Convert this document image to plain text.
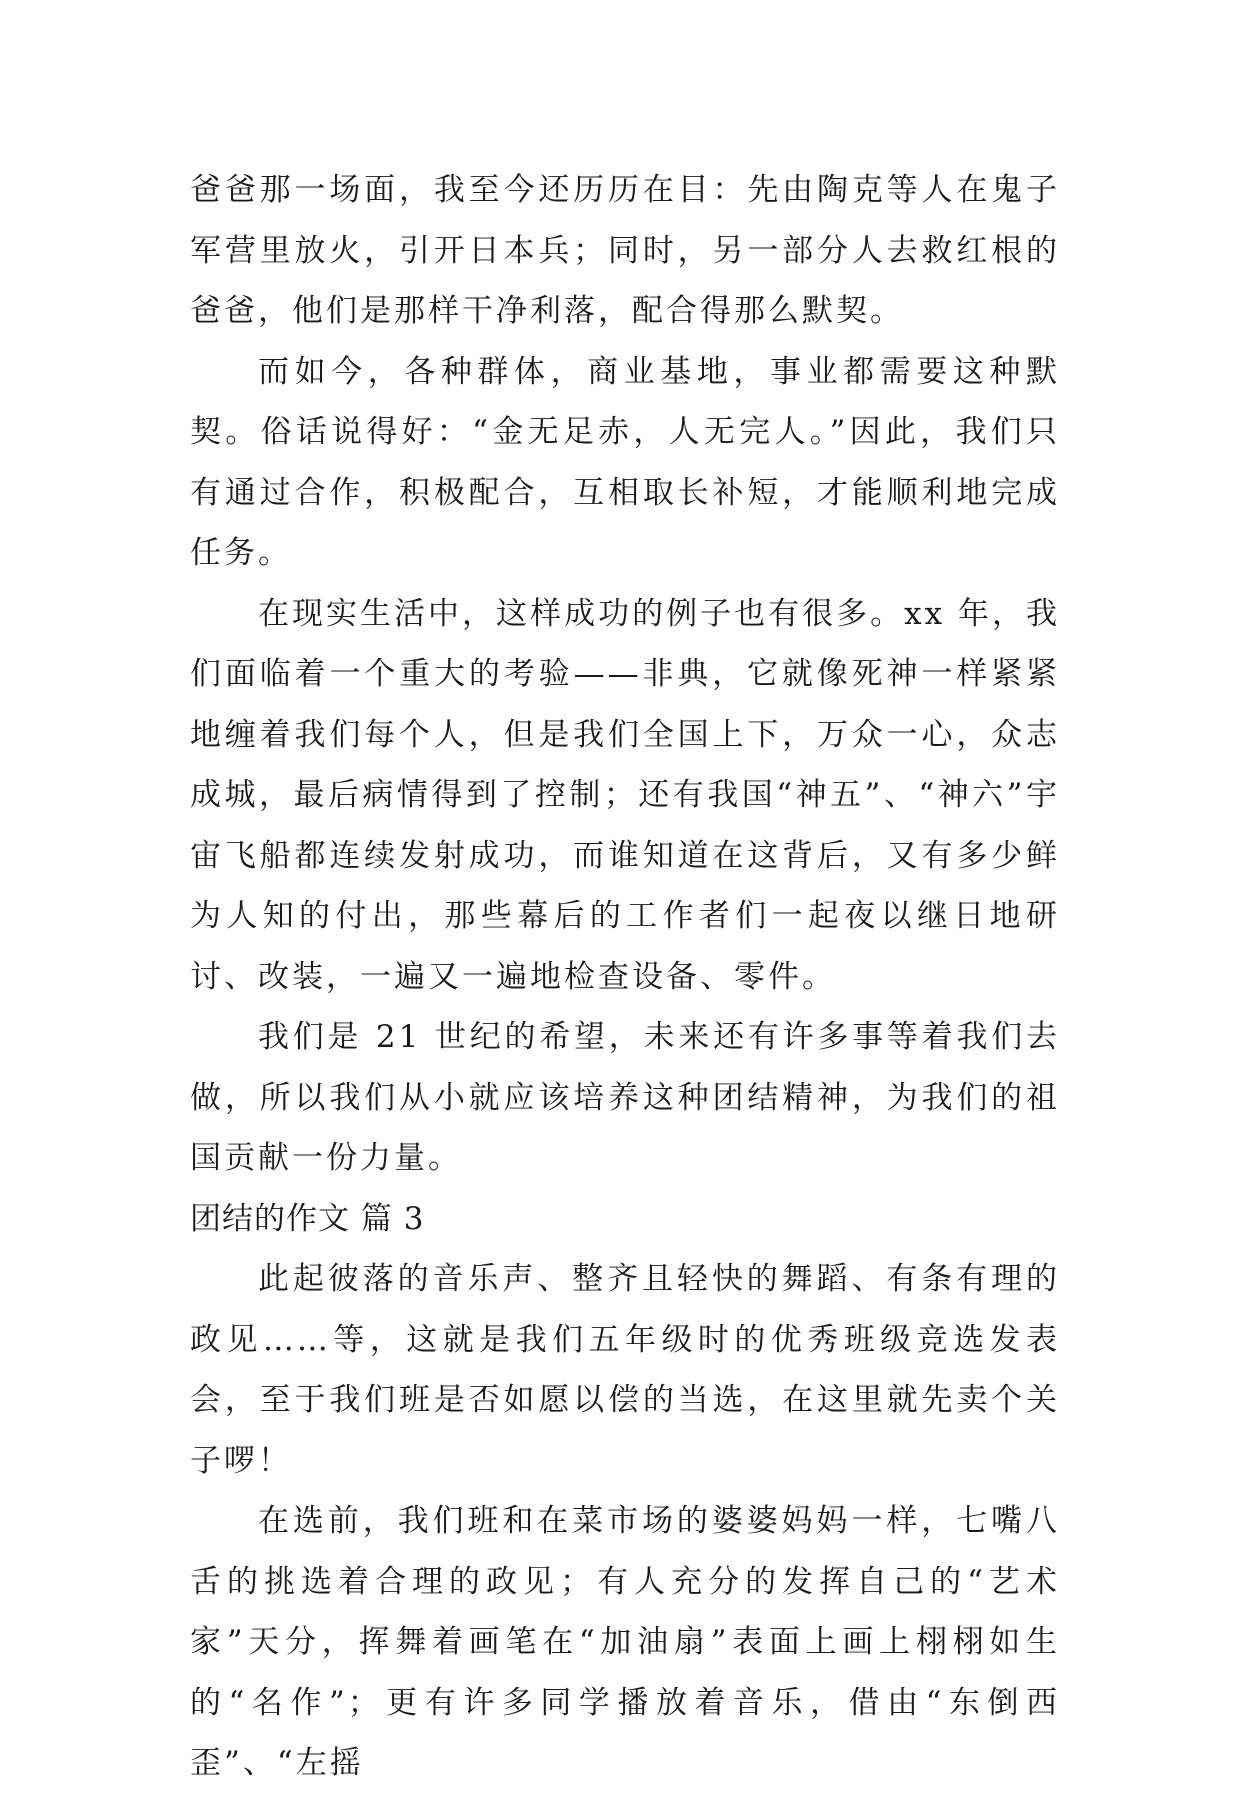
爸爸那一场面，我至今还历历在目：先由陶克等人在鬼子军营里放火，引开日本兵；同时，另一部分人去救红根的爸爸，他们是那样干净利落，配合得那么默契。

而如今，各种群体，商业基地，事业都需要这种默契。俗话说得好：“金无足赤，人无完人。”因此，我们只有通过合作，积极配合，互相取长补短，才能顺利地完成任务。

在现实生活中，这样成功的例子也有很多。xx 年，我们面临着一个重大的考验——非典，它就像死神一样紧紧地缠着我们每个人，但是我们全国上下，万众一心，众志成城，最后病情得到了控制；还有我国“神五”、“神六”宇宙飞船都连续发射成功，而谁知道在这背后，又有多少鲜为人知的付出，那些幕后的工作者们一起夜以继日地研讨、改装，一遍又一遍地检查设备、零件。

我们是 21 世纪的希望，未来还有许多事等着我们去做，所以我们从小就应该培养这种团结精神，为我们的祖国贡献一份力量。

团结的作文 篇 3

此起彼落的音乐声、整齐且轻快的舞蹈、有条有理的政见……等，这就是我们五年级时的优秀班级竞选发表会，至于我们班是否如愿以偿的当选，在这里就先卖个关子啰！

在选前，我们班和在菜市场的婆婆妈妈一样，七嘴八舌的挑选着合理的政见；有人充分的发挥自己的“艺术家”天分，挥舞着画笔在“加油扇”表面上画上栩栩如生的“名作”；更有许多同学播放着音乐，借由“东倒西歪”、“左摇
